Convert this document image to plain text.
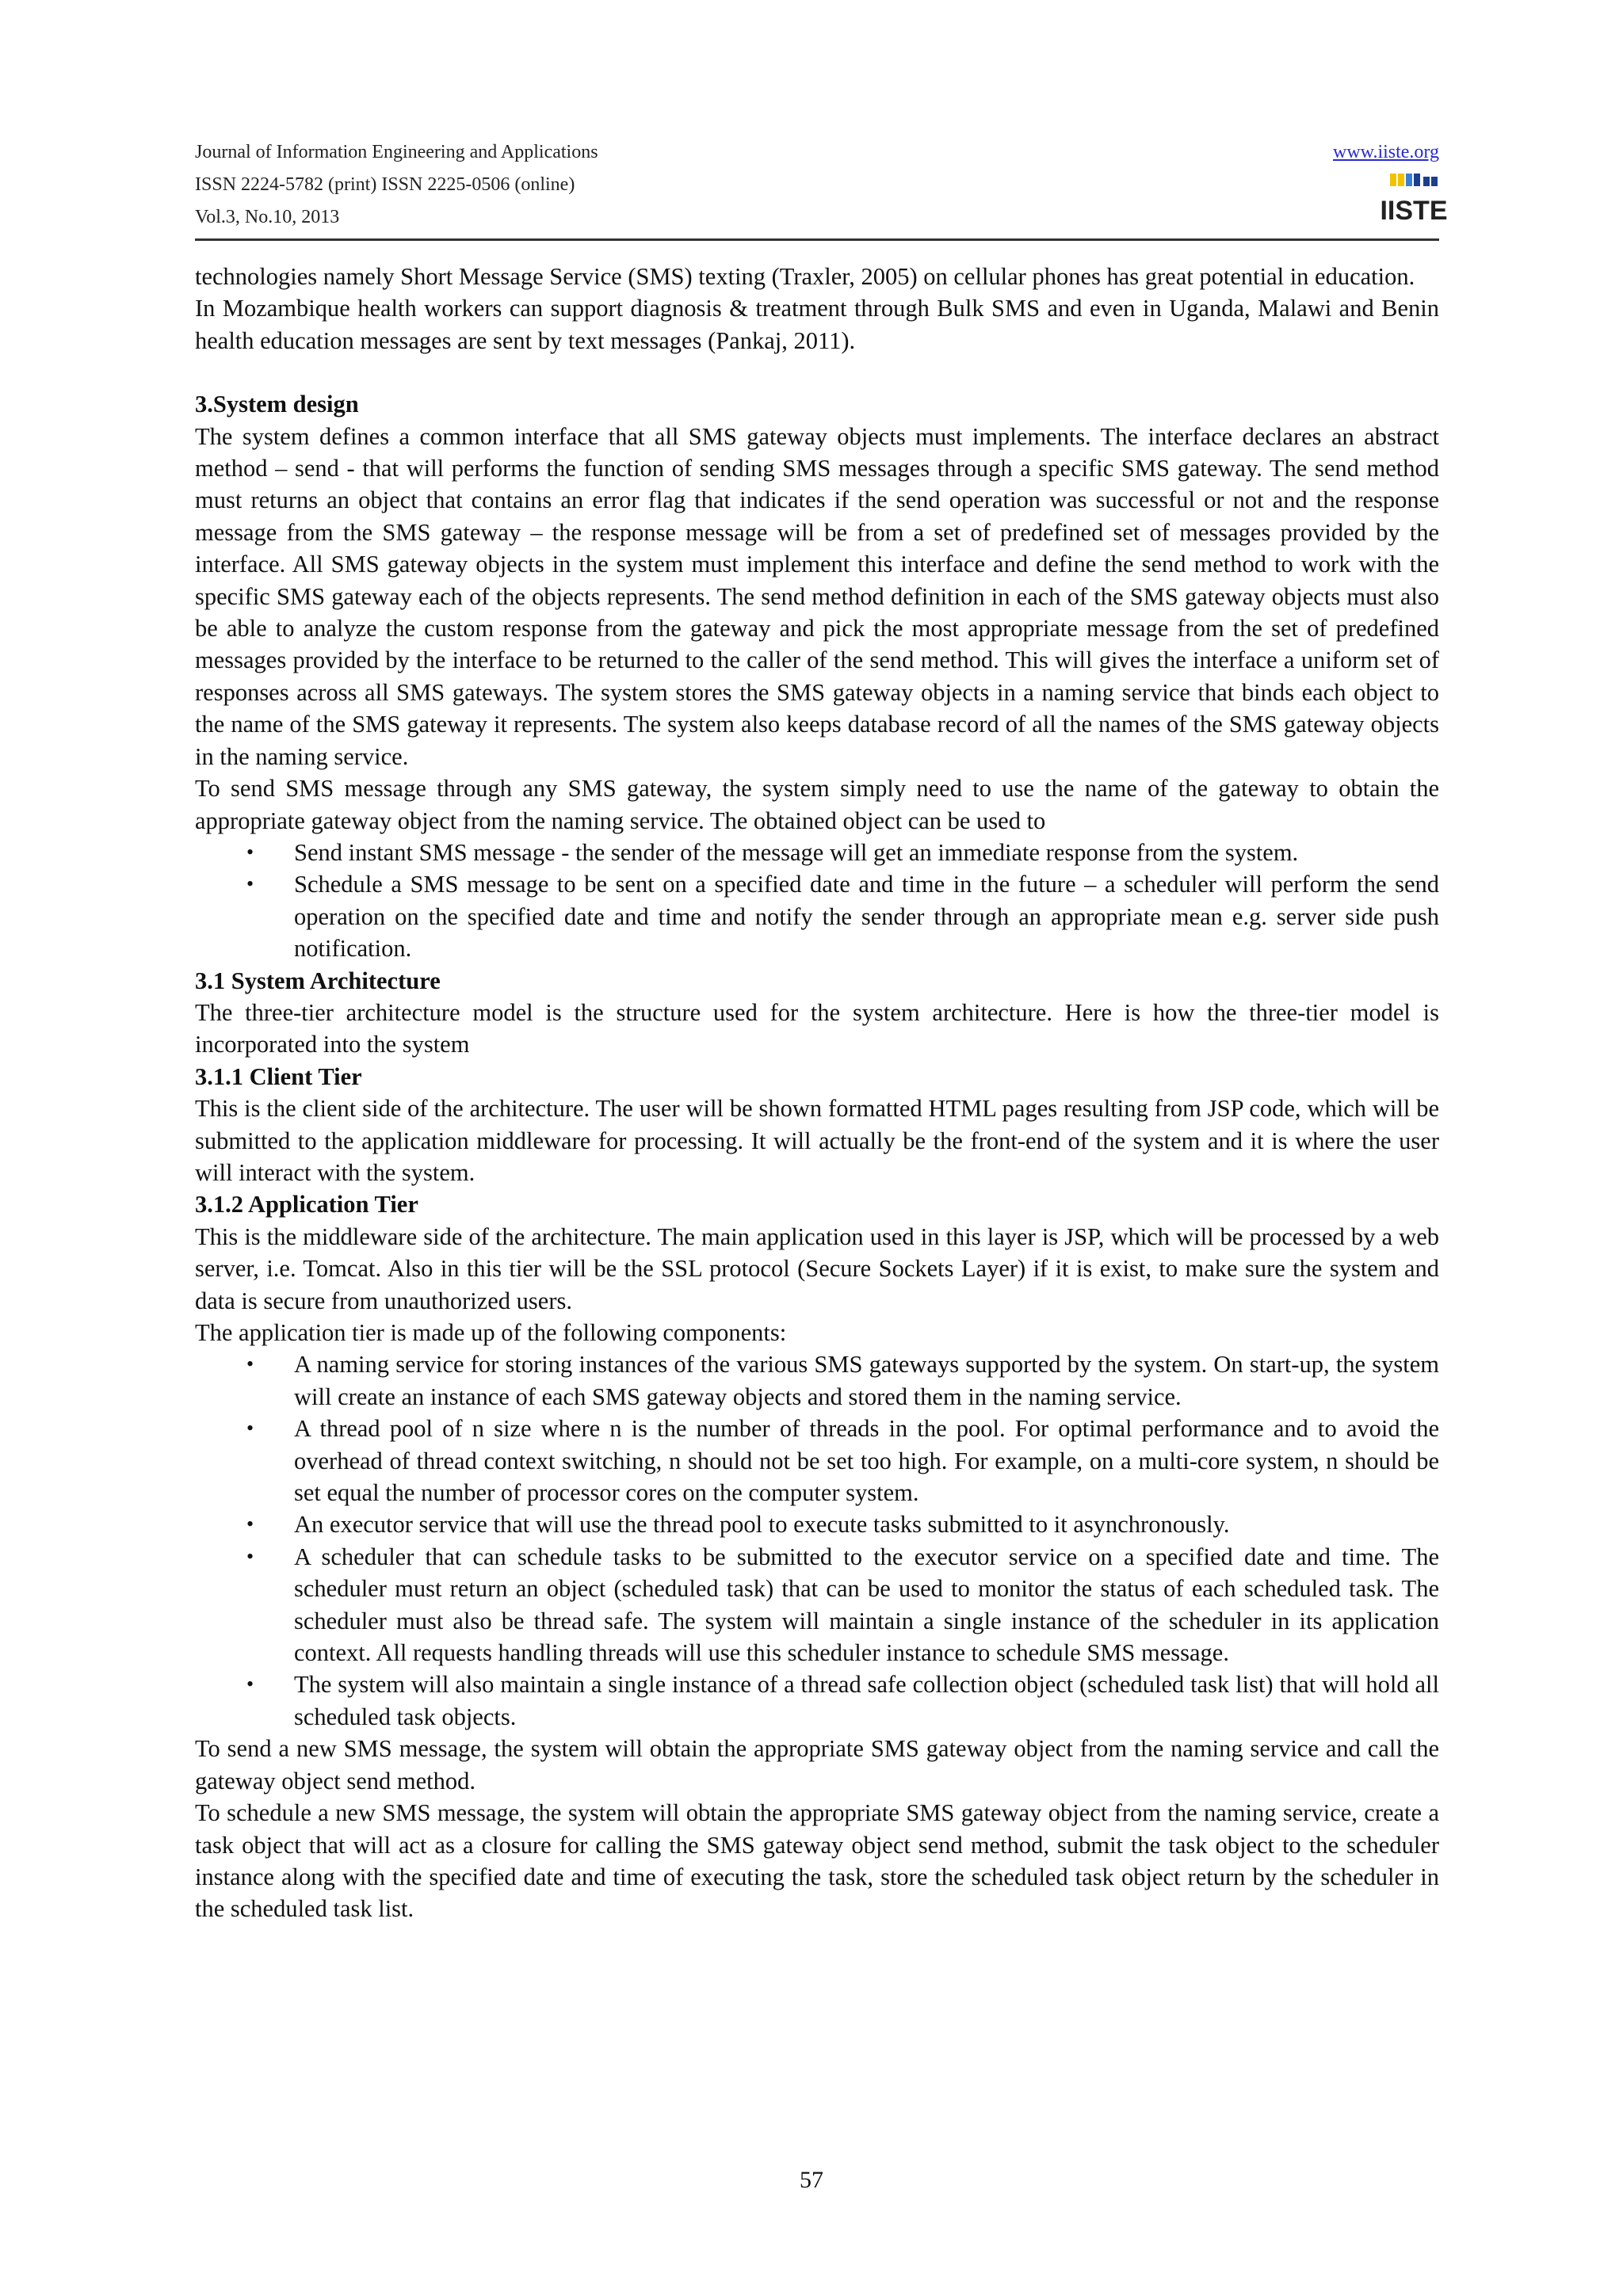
Journal of Information Engineering and Applications
ISSN 2224-5782 (print) ISSN 2225-0506 (online)
Vol.3, No.10, 2013
www.iiste.org
IISTE

technologies namely Short Message Service (SMS) texting (Traxler, 2005) on cellular phones has great potential in education.

In Mozambique health workers can support diagnosis & treatment through Bulk SMS and even in Uganda, Malawi and Benin health education messages are sent by text messages (Pankaj, 2011).

3.System design

The system defines a common interface that all SMS gateway objects must implements. The interface declares an abstract method – send - that will performs the function of sending SMS messages through a specific SMS gateway. The send method must returns an object that contains an error flag that indicates if the send operation was successful or not and the response message from the SMS gateway – the response message will be from a set of predefined set of messages provided by the interface. All SMS gateway objects in the system must implement this interface and define the send method to work with the specific SMS gateway each of the objects represents. The send method definition in each of the SMS gateway objects must also be able to analyze the custom response from the gateway and pick the most appropriate message from the set of predefined messages provided by the interface to be returned to the caller of the send method. This will gives the interface a uniform set of responses across all SMS gateways. The system stores the SMS gateway objects in a naming service that binds each object to the name of the SMS gateway it represents. The system also keeps database record of all the names of the SMS gateway objects in the naming service.

To send SMS message through any SMS gateway, the system simply need to use the name of the gateway to obtain the appropriate gateway object from the naming service. The obtained object can be used to

• Send instant SMS message - the sender of the message will get an immediate response from the system.
• Schedule a SMS message to be sent on a specified date and time in the future – a scheduler will perform the send operation on the specified date and time and notify the sender through an appropriate mean e.g. server side push notification.

3.1 System Architecture

The three-tier architecture model is the structure used for the system architecture. Here is how the three-tier model is incorporated into the system

3.1.1 Client Tier

This is the client side of the architecture. The user will be shown formatted HTML pages resulting from JSP code, which will be submitted to the application middleware for processing. It will actually be the front-end of the system and it is where the user will interact with the system.

3.1.2 Application Tier

This is the middleware side of the architecture. The main application used in this layer is JSP, which will be processed by a web server, i.e. Tomcat. Also in this tier will be the SSL protocol (Secure Sockets Layer) if it is exist, to make sure the system and data is secure from unauthorized users.

The application tier is made up of the following components:

• A naming service for storing instances of the various SMS gateways supported by the system. On start-up, the system will create an instance of each SMS gateway objects and stored them in the naming service.
• A thread pool of n size where n is the number of threads in the pool. For optimal performance and to avoid the overhead of thread context switching, n should not be set too high. For example, on a multi-core system, n should be set equal the number of processor cores on the computer system.
• An executor service that will use the thread pool to execute tasks submitted to it asynchronously.
• A scheduler that can schedule tasks to be submitted to the executor service on a specified date and time. The scheduler must return an object (scheduled task) that can be used to monitor the status of each scheduled task. The scheduler must also be thread safe. The system will maintain a single instance of the scheduler in its application context. All requests handling threads will use this scheduler instance to schedule SMS message.
• The system will also maintain a single instance of a thread safe collection object (scheduled task list) that will hold all scheduled task objects.

To send a new SMS message, the system will obtain the appropriate SMS gateway object from the naming service and call the gateway object send method.

To schedule a new SMS message, the system will obtain the appropriate SMS gateway object from the naming service, create a task object that will act as a closure for calling the SMS gateway object send method, submit the task object to the scheduler instance along with the specified date and time of executing the task, store the scheduled task object return by the scheduler in the scheduled task list.

57
